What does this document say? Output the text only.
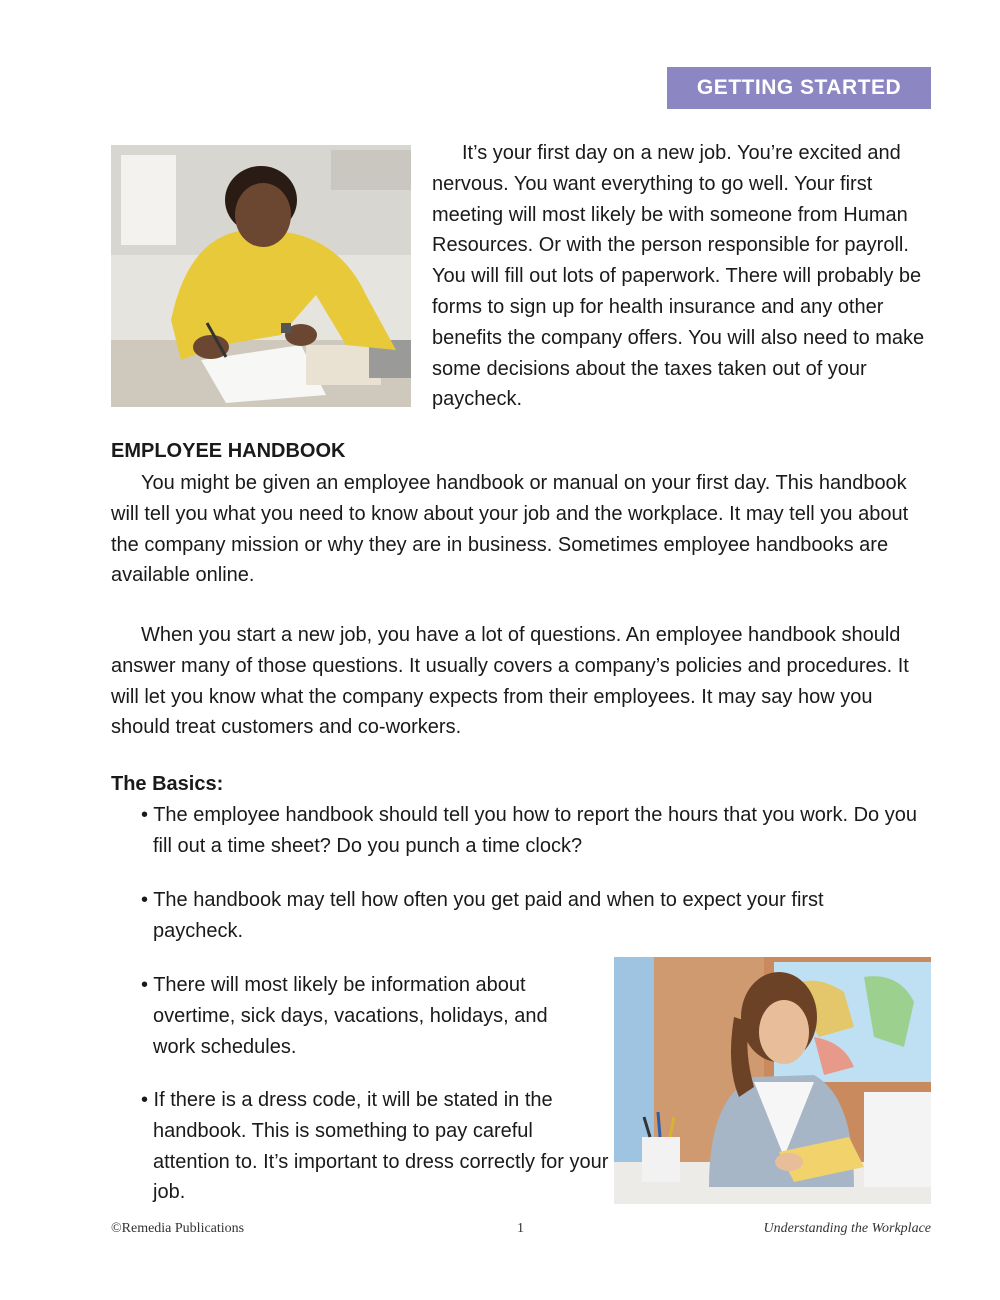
GETTING STARTED

It’s your first day on a new job. You’re excited and nervous. You want everything to go well. Your first meeting will most likely be with someone from Human Resources. Or with the person responsible for payroll. You will fill out lots of paperwork. There will probably be forms to sign up for health insurance and any other benefits the company offers. You will also need to make some decisions about the taxes taken out of your paycheck.

EMPLOYEE HANDBOOK

You might be given an employee handbook or manual on your first day. This handbook will tell you what you need to know about your job and the workplace. It may tell you about the company mission or why they are in business. Sometimes employee handbooks are available online.

When you start a new job, you have a lot of questions. An employee handbook should answer many of those questions. It usually covers a company’s policies and procedures. It will let you know what the company expects from their employees. It may say how you should treat customers and co-workers.

The Basics:

• The employee handbook should tell you how to report the hours that you work. Do you fill out a time sheet? Do you punch a time clock?

• The handbook may tell how often you get paid and when to expect your first paycheck.

• There will most likely be information about overtime, sick days, vacations, holidays, and work schedules.

• If there is a dress code, it will be stated in the handbook. This is something to pay careful attention to. It’s important to dress correctly for your job.

©Remedia Publications	1	Understanding the Workplace
